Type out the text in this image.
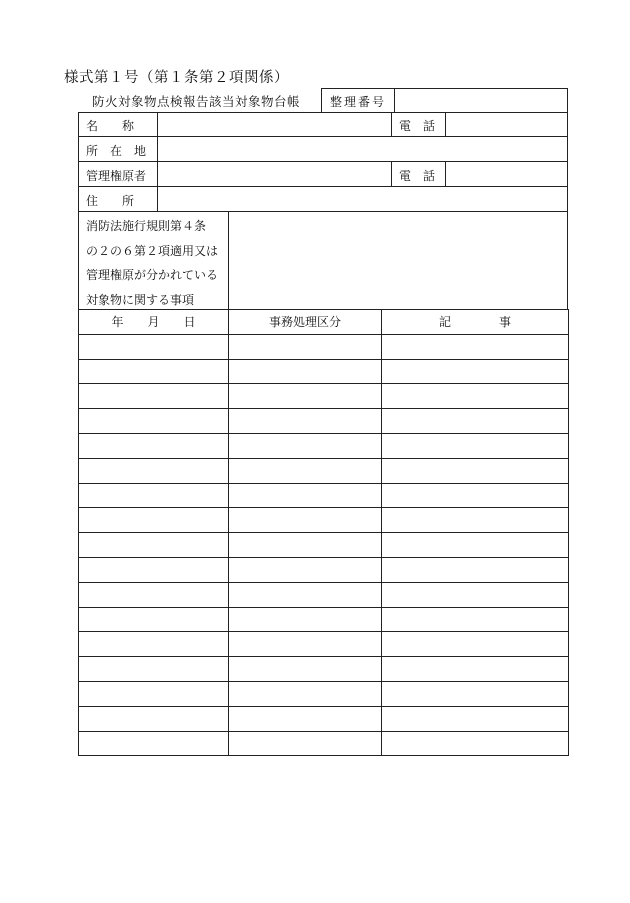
様式第１号（第１条第２項関係）
防火対象物点検報告該当対象物台帳 整理番号
名　　称	電　話
所　在　地
管理権原者	電　話
住　　所
消防法施行規則第４条
の２の６第２項適用又は
管理権原が分かれている
対象物に関する事項
年　　月　　日	事務処理区分	記　　　　事
